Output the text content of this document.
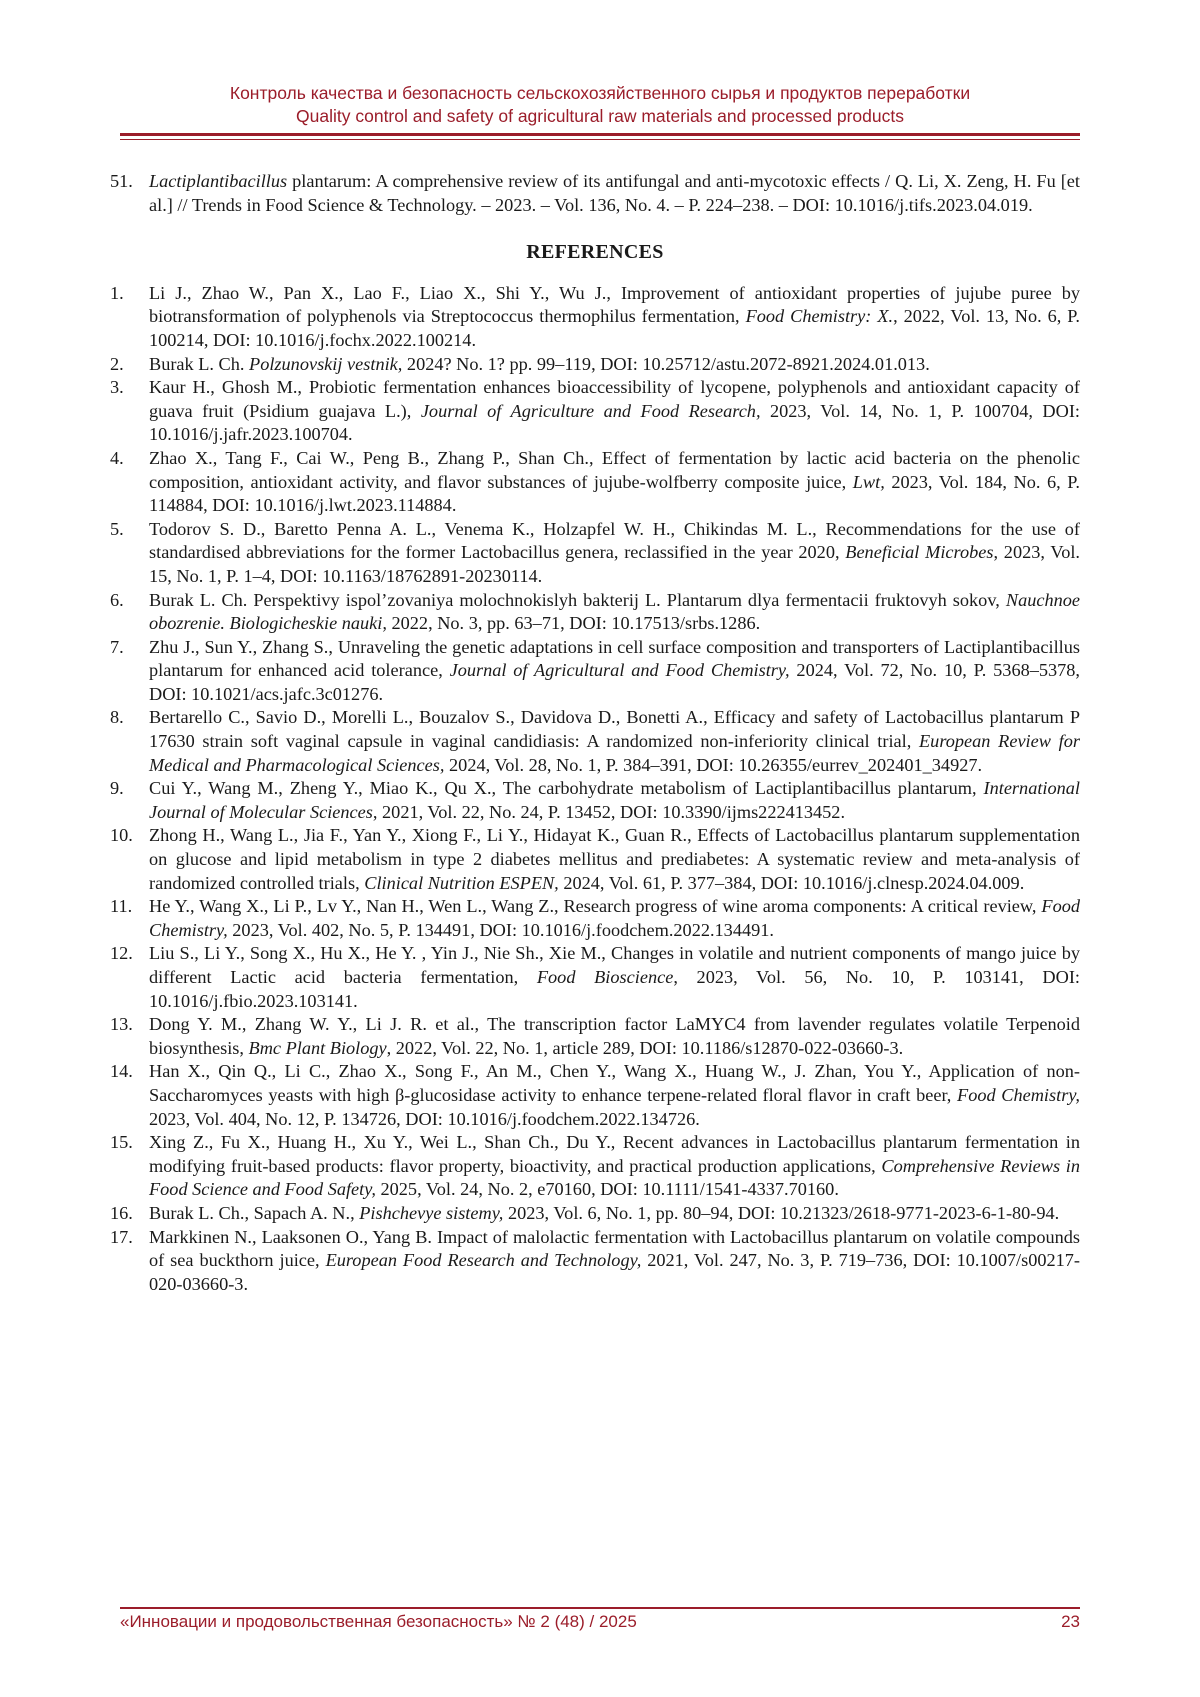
Контроль качества и безопасность сельскохозяйственного сырья и продуктов переработки
Quality control and safety of agricultural raw materials and processed products
51. Lactiplantibacillus plantarum: A comprehensive review of its antifungal and anti-mycotoxic effects / Q. Li, X. Zeng, H. Fu [et al.] // Trends in Food Science & Technology. – 2023. – Vol. 136, No. 4. – P. 224–238. – DOI: 10.1016/j.tifs.2023.04.019.
REFERENCES
1.	Li J., Zhao W., Pan X., Lao F., Liao X., Shi Y., Wu J., Improvement of antioxidant properties of jujube puree by biotransformation of polyphenols via Streptococcus thermophilus fermentation, Food Chemistry: X., 2022, Vol. 13, No. 6, P. 100214, DOI: 10.1016/j.fochx.2022.100214.
2.	Burak L. Ch. Polzunovskij vestnik, 2024? No. 1? pp. 99–119, DOI: 10.25712/astu.2072-8921.2024.01.013.
3.	Kaur H., Ghosh M., Probiotic fermentation enhances bioaccessibility of lycopene, polyphenols and antioxidant capacity of guava fruit (Psidium guajava L.), Journal of Agriculture and Food Research, 2023, Vol. 14, No. 1, P. 100704, DOI: 10.1016/j.jafr.2023.100704.
4.	Zhao X., Tang F., Cai W., Peng B., Zhang P., Shan Ch., Effect of fermentation by lactic acid bacteria on the phenolic composition, antioxidant activity, and flavor substances of jujube-wolfberry composite juice, Lwt, 2023, Vol. 184, No. 6, P. 114884, DOI: 10.1016/j.lwt.2023.114884.
5.	Todorov S. D., Baretto Penna A. L., Venema K., Holzapfel W. H., Chikindas M. L., Recommendations for the use of standardised abbreviations for the former Lactobacillus genera, reclassified in the year 2020, Beneficial Microbes, 2023, Vol. 15, No. 1, P. 1–4, DOI: 10.1163/18762891-20230114.
6.	Burak L. Ch. Perspektivy ispol’zovaniya molochnokislyh bakterij L. Plantarum dlya fermentacii fruktovyh sokov, Nauchnoe obozrenie. Biologicheskie nauki, 2022, No. 3, pp. 63–71, DOI: 10.17513/srbs.1286.
7.	Zhu J., Sun Y., Zhang S., Unraveling the genetic adaptations in cell surface composition and transporters of Lactiplantibacillus plantarum for enhanced acid tolerance, Journal of Agricultural and Food Chemistry, 2024, Vol. 72, No. 10, P. 5368–5378, DOI: 10.1021/acs.jafc.3c01276.
8.	Bertarello C., Savio D., Morelli L., Bouzalov S., Davidova D., Bonetti A., Efficacy and safety of Lactobacillus plantarum P 17630 strain soft vaginal capsule in vaginal candidiasis: A randomized non-inferiority clinical trial, European Review for Medical and Pharmacological Sciences, 2024, Vol. 28, No. 1, P. 384–391, DOI: 10.26355/eurrev_202401_34927.
9.	Cui Y., Wang M., Zheng Y., Miao K., Qu X., The carbohydrate metabolism of Lactiplantibacillus plantarum, International Journal of Molecular Sciences, 2021, Vol. 22, No. 24, P. 13452, DOI: 10.3390/ijms222413452.
10. Zhong H., Wang L., Jia F., Yan Y., Xiong F., Li Y., Hidayat K., Guan R., Effects of Lactobacillus plantarum supplementation on glucose and lipid metabolism in type 2 diabetes mellitus and prediabetes: A systematic review and meta-analysis of randomized controlled trials, Clinical Nutrition ESPEN, 2024, Vol. 61, P. 377–384, DOI: 10.1016/j.clnesp.2024.04.009.
11. He Y., Wang X., Li P., Lv Y., Nan H., Wen L., Wang Z., Research progress of wine aroma components: A critical review, Food Chemistry, 2023, Vol. 402, No. 5, P. 134491, DOI: 10.1016/j.foodchem.2022.134491.
12. Liu S., Li Y., Song X., Hu X., He Y. , Yin J., Nie Sh., Xie M., Changes in volatile and nutrient components of mango juice by different Lactic acid bacteria fermentation, Food Bioscience, 2023, Vol. 56, No. 10, P. 103141, DOI: 10.1016/j.fbio.2023.103141.
13. Dong Y. M., Zhang W. Y., Li J. R. et al., The transcription factor LaMYC4 from lavender regulates volatile Terpenoid biosynthesis, Bmc Plant Biology, 2022, Vol. 22, No. 1, article 289, DOI: 10.1186/s12870-022-03660-3.
14. Han X., Qin Q., Li C., Zhao X., Song F., An M., Chen Y., Wang X., Huang W., J. Zhan, You Y., Application of non-Saccharomyces yeasts with high β-glucosidase activity to enhance terpene-related floral flavor in craft beer, Food Chemistry, 2023, Vol. 404, No. 12, P. 134726, DOI: 10.1016/j.foodchem.2022.134726.
15. Xing Z., Fu X., Huang H., Xu Y., Wei L., Shan Ch., Du Y., Recent advances in Lactobacillus plantarum fermentation in modifying fruit-based products: flavor property, bioactivity, and practical production applications, Comprehensive Reviews in Food Science and Food Safety, 2025, Vol. 24, No. 2, e70160, DOI: 10.1111/1541-4337.70160.
16. Burak L. Ch., Sapach A. N., Pishchevye sistemy, 2023, Vol. 6, No. 1, pp. 80–94, DOI: 10.21323/2618-9771-2023-6-1-80-94.
17. Markkinen N., Laaksonen O., Yang B. Impact of malolactic fermentation with Lactobacillus plantarum on volatile compounds of sea buckthorn juice, European Food Research and Technology, 2021, Vol. 247, No. 3, P. 719–736, DOI: 10.1007/s00217-020-03660-3.
«Инновации и продовольственная безопасность» № 2 (48) / 2025	23
